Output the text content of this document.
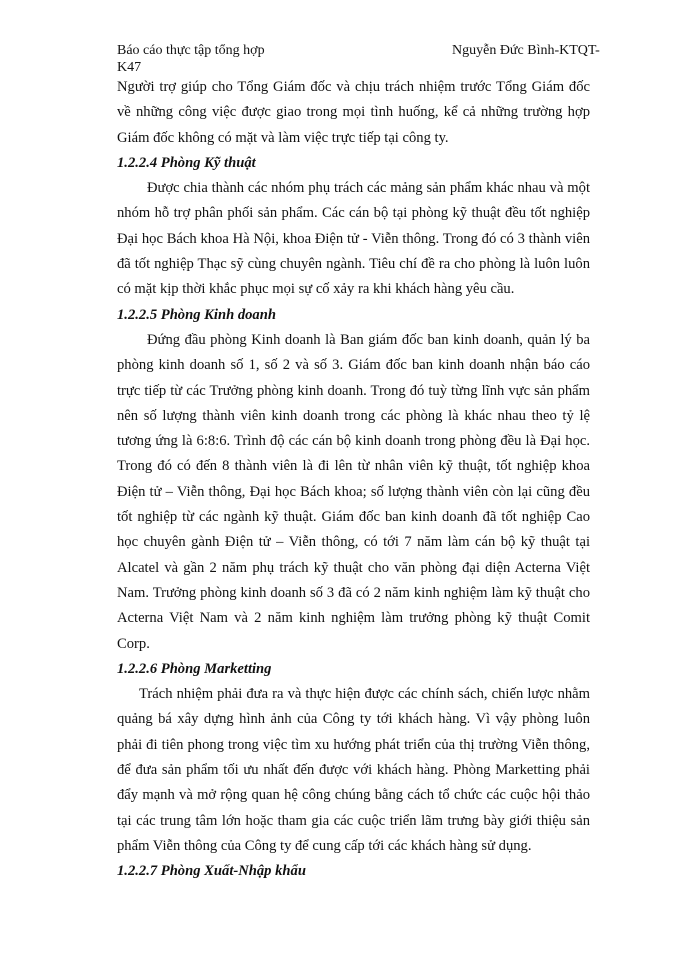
Báo cáo thực tập tổng hợp	Nguyễn Đức Bình-KTQT-
K47

Người trợ giúp cho Tổng Giám đốc và chịu trách nhiệm trước Tổng Giám đốc về những công việc được giao trong mọi tình huống, kể cả những trường hợp Giám đốc không có mặt và làm việc trực tiếp tại công ty.

1.2.2.4 Phòng Kỹ thuật

Được chia thành các nhóm phụ trách các mảng sản phẩm khác nhau và một nhóm hỗ trợ phân phối sản phẩm. Các cán bộ tại phòng kỹ thuật đều tốt nghiệp Đại học Bách khoa Hà Nội, khoa Điện tử - Viễn thông. Trong đó có 3 thành viên đã tốt nghiệp Thạc sỹ cùng chuyên ngành. Tiêu chí đề ra cho phòng là luôn luôn có mặt kịp thời khắc phục mọi sự cố xảy ra khi khách hàng yêu cầu.

1.2.2.5 Phòng Kinh doanh

Đứng đầu phòng Kinh doanh là Ban giám đốc ban kinh doanh, quản lý ba phòng kinh doanh số 1, số 2 và số 3. Giám đốc ban kinh doanh nhận báo cáo trực tiếp từ các Trưởng phòng kinh doanh. Trong đó tuỳ từng lĩnh vực sản phẩm nên số lượng thành viên kinh doanh trong các phòng là khác nhau theo tỷ lệ tương ứng là 6:8:6. Trình độ các cán bộ kinh doanh trong phòng đều là Đại học. Trong đó có đến 8 thành viên là đi lên từ nhân viên kỹ thuật, tốt nghiệp khoa Điện tử – Viễn thông, Đại học Bách khoa; số lượng thành viên còn lại cũng đều tốt nghiệp từ các ngành kỹ thuật. Giám đốc ban kinh doanh đã tốt nghiệp Cao học chuyên gành Điện tử – Viễn thông, có tới 7 năm làm cán bộ kỹ thuật tại Alcatel và gần 2 năm phụ trách kỹ thuật cho văn phòng đại diện Acterna Việt Nam. Trưởng phòng kinh doanh số 3 đã có 2 năm kinh nghiệm làm kỹ thuật cho Acterna Việt Nam và 2 năm kinh nghiệm làm trưởng phòng kỹ thuật Comit Corp.

1.2.2.6 Phòng Marketting

Trách nhiệm phải đưa ra và thực hiện được các chính sách, chiến lược nhằm quảng bá xây dựng hình ảnh của Công ty tới khách hàng. Vì vậy phòng luôn phải đi tiên phong trong việc tìm xu hướng phát triển của thị trường Viễn thông, để đưa sản phẩm tối ưu nhất đến được với khách hàng. Phòng Marketting phải đẩy mạnh và mở rộng quan hệ công chúng bằng cách tổ chức các cuộc hội thảo tại các trung tâm lớn hoặc tham gia các cuộc triển lãm trưng bày giới thiệu sản phẩm Viễn thông của Công ty để cung cấp tới các khách hàng sử dụng.

1.2.2.7 Phòng Xuất-Nhập khẩu
